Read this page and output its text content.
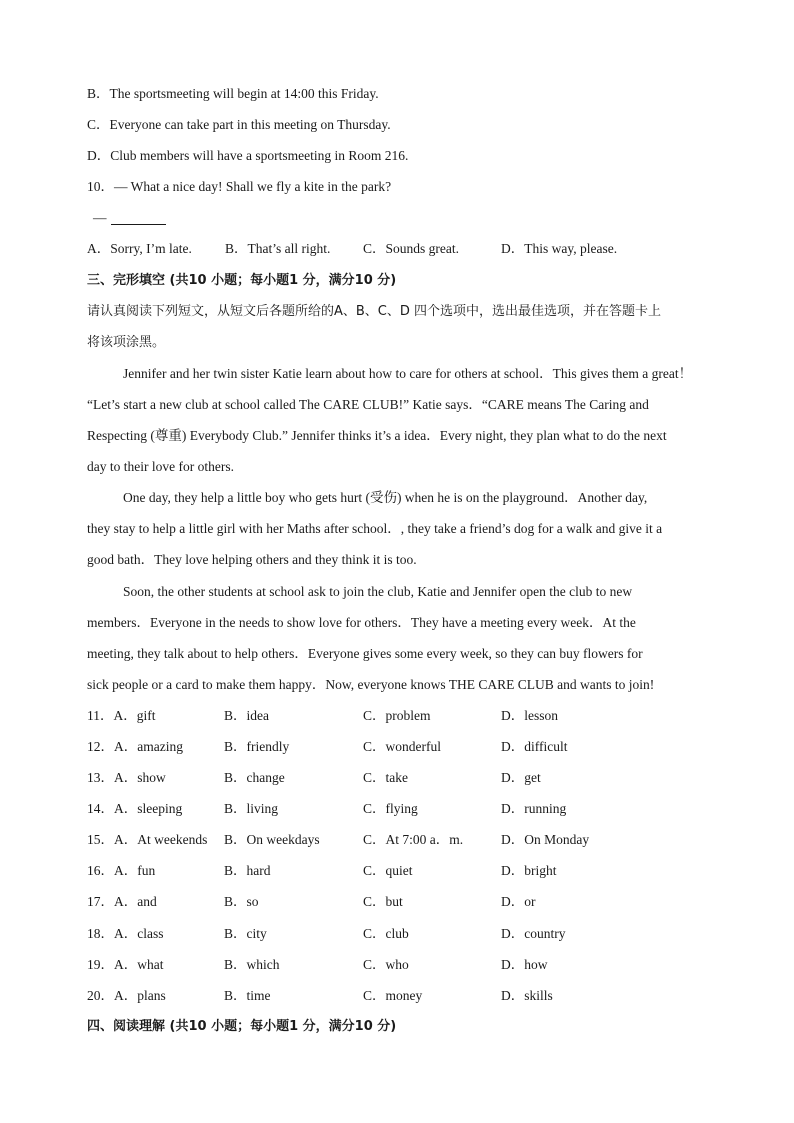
B．The sportsmeeting will begin at 14:00 this Friday.
C．Everyone can take part in this meeting on Thursday.
D．Club members will have a sportsmeeting in Room 216.
10．— What a nice day! Shall we fly a kite in the park?
—
A．Sorry, I’m late. B．That’s all right. C．Sounds great.	D．This way, please.
三、完形填空 (共10 小题；每小题1 分，满分10 分)
请认真阅读下列短文，从短文后各题所给的A、B、C、D 四个选项中，选出最佳选项，并在答题卡上
将该项涂黑。
Jennifer and her twin sister Katie learn about how to care for others at school．This gives them a great！
“Let’s start a new club at school called The CARE CLUB!” Katie says．“CARE means The Caring and
Respecting (尊重) Everybody Club.” Jennifer thinks it’s a idea．Every night, they plan what to do the next
day to their love for others.
One day, they help a little boy who gets hurt (受伤) when he is on the playground．Another day,
they stay to help a little girl with her Maths after school．, they take a friend’s dog for a walk and give it a
good bath．They love helping others and they think it is too.
Soon, the other students at school ask to join the club, Katie and Jennifer open the club to new
members．Everyone in the needs to show love for others．They have a meeting every week．At the
meeting, they talk about to help others．Everyone gives some every week, so they can buy flowers for
sick people or a card to make them happy．Now, everyone knows THE CARE CLUB and wants to join!
11．A．gift	B．idea	C．problem	D．lesson
12．A．amazing	B．friendly	C．wonderful	D．difficult
13．A．show	B．change	C．take	D．get
14．A．sleeping	B．living	C．flying	D．running
15．A．At weekends B．On weekdays	C．At 7:00 a．m.	D．On Monday
16．A．fun	B．hard	C．quiet	D．bright
17．A．and	B．so	C．but	D．or
18．A．class	B．city	C．club	D．country
19．A．what	B．which	C．who	D．how
20．A．plans	B．time	C．money	D．skills
四、阅读理解 (共10 小题；每小题1 分，满分10 分)
